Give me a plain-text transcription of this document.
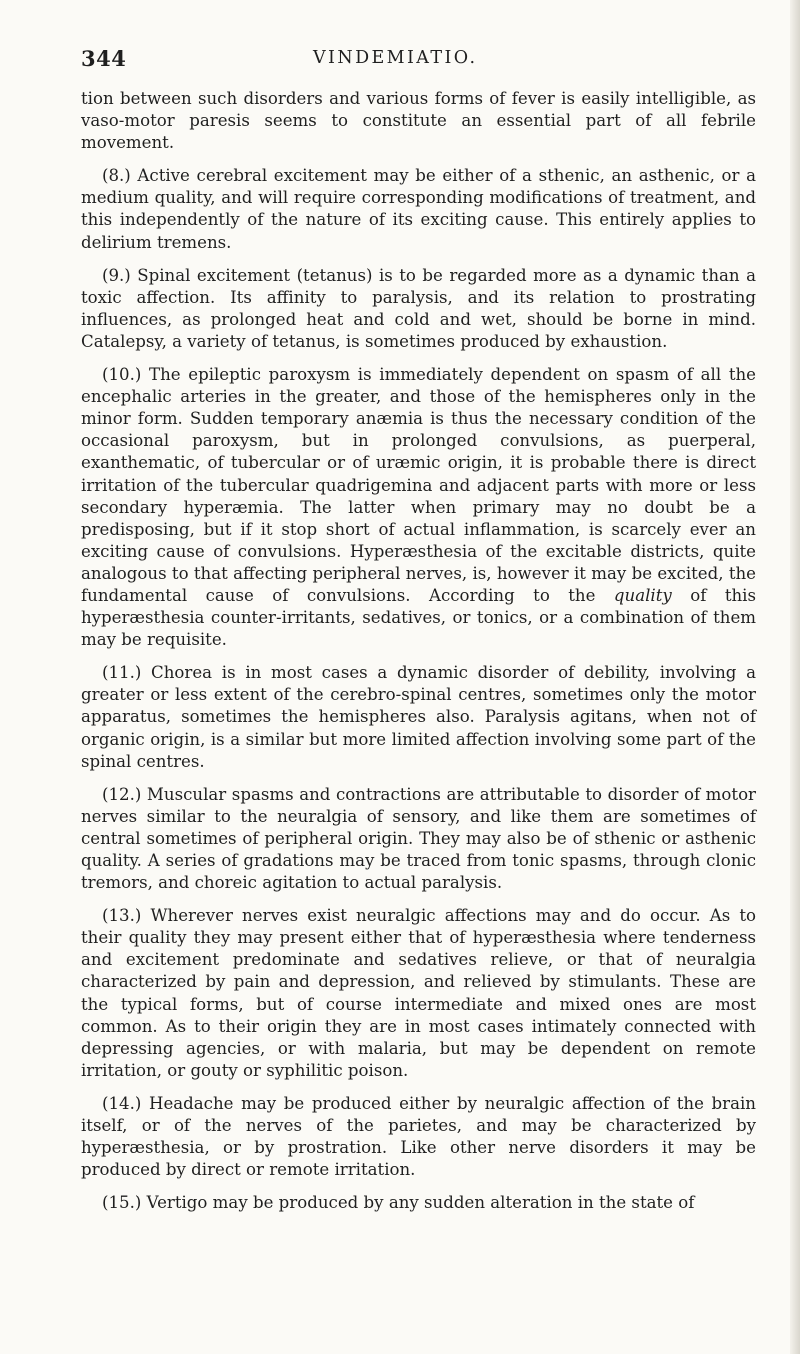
344	VINDEMIATIO.

tion between such disorders and various forms of fever is easily intelligible, as vaso-motor paresis seems to constitute an essential part of all febrile movement.

(8.) Active cerebral excitement may be either of a sthenic, an asthenic, or a medium quality, and will require corresponding modifications of treatment, and this independently of the nature of its exciting cause. This entirely applies to delirium tremens.

(9.) Spinal excitement (tetanus) is to be regarded more as a dynamic than a toxic affection. Its affinity to paralysis, and its relation to prostrating influences, as prolonged heat and cold and wet, should be borne in mind. Catalepsy, a variety of tetanus, is sometimes produced by exhaustion.

(10.) The epileptic paroxysm is immediately dependent on spasm of all the encephalic arteries in the greater, and those of the hemispheres only in the minor form. Sudden temporary anæmia is thus the necessary condition of the occasional paroxysm, but in prolonged convulsions, as puerperal, exanthematic, of tubercular or of uræmic origin, it is probable there is direct irritation of the tubercular quadrigemina and adjacent parts with more or less secondary hyperæmia. The latter when primary may no doubt be a predisposing, but if it stop short of actual inflammation, is scarcely ever an exciting cause of convulsions. Hyperæsthesia of the excitable districts, quite analogous to that affecting peripheral nerves, is, however it may be excited, the fundamental cause of convulsions. According to the quality of this hyperæsthesia counter-irritants, sedatives, or tonics, or a combination of them may be requisite.

(11.) Chorea is in most cases a dynamic disorder of debility, involving a greater or less extent of the cerebro-spinal centres, sometimes only the motor apparatus, sometimes the hemispheres also. Paralysis agitans, when not of organic origin, is a similar but more limited affection involving some part of the spinal centres.

(12.) Muscular spasms and contractions are attributable to disorder of motor nerves similar to the neuralgia of sensory, and like them are sometimes of central sometimes of peripheral origin. They may also be of sthenic or asthenic quality. A series of gradations may be traced from tonic spasms, through clonic tremors, and choreic agitation to actual paralysis.

(13.) Wherever nerves exist neuralgic affections may and do occur. As to their quality they may present either that of hyperæsthesia where tenderness and excitement predominate and sedatives relieve, or that of neuralgia characterized by pain and depression, and relieved by stimulants. These are the typical forms, but of course intermediate and mixed ones are most common. As to their origin they are in most cases intimately connected with depressing agencies, or with malaria, but may be dependent on remote irritation, or gouty or syphilitic poison.

(14.) Headache may be produced either by neuralgic affection of the brain itself, or of the nerves of the parietes, and may be characterized by hyperæsthesia, or by prostration. Like other nerve disorders it may be produced by direct or remote irritation.

(15.) Vertigo may be produced by any sudden alteration in the state of
